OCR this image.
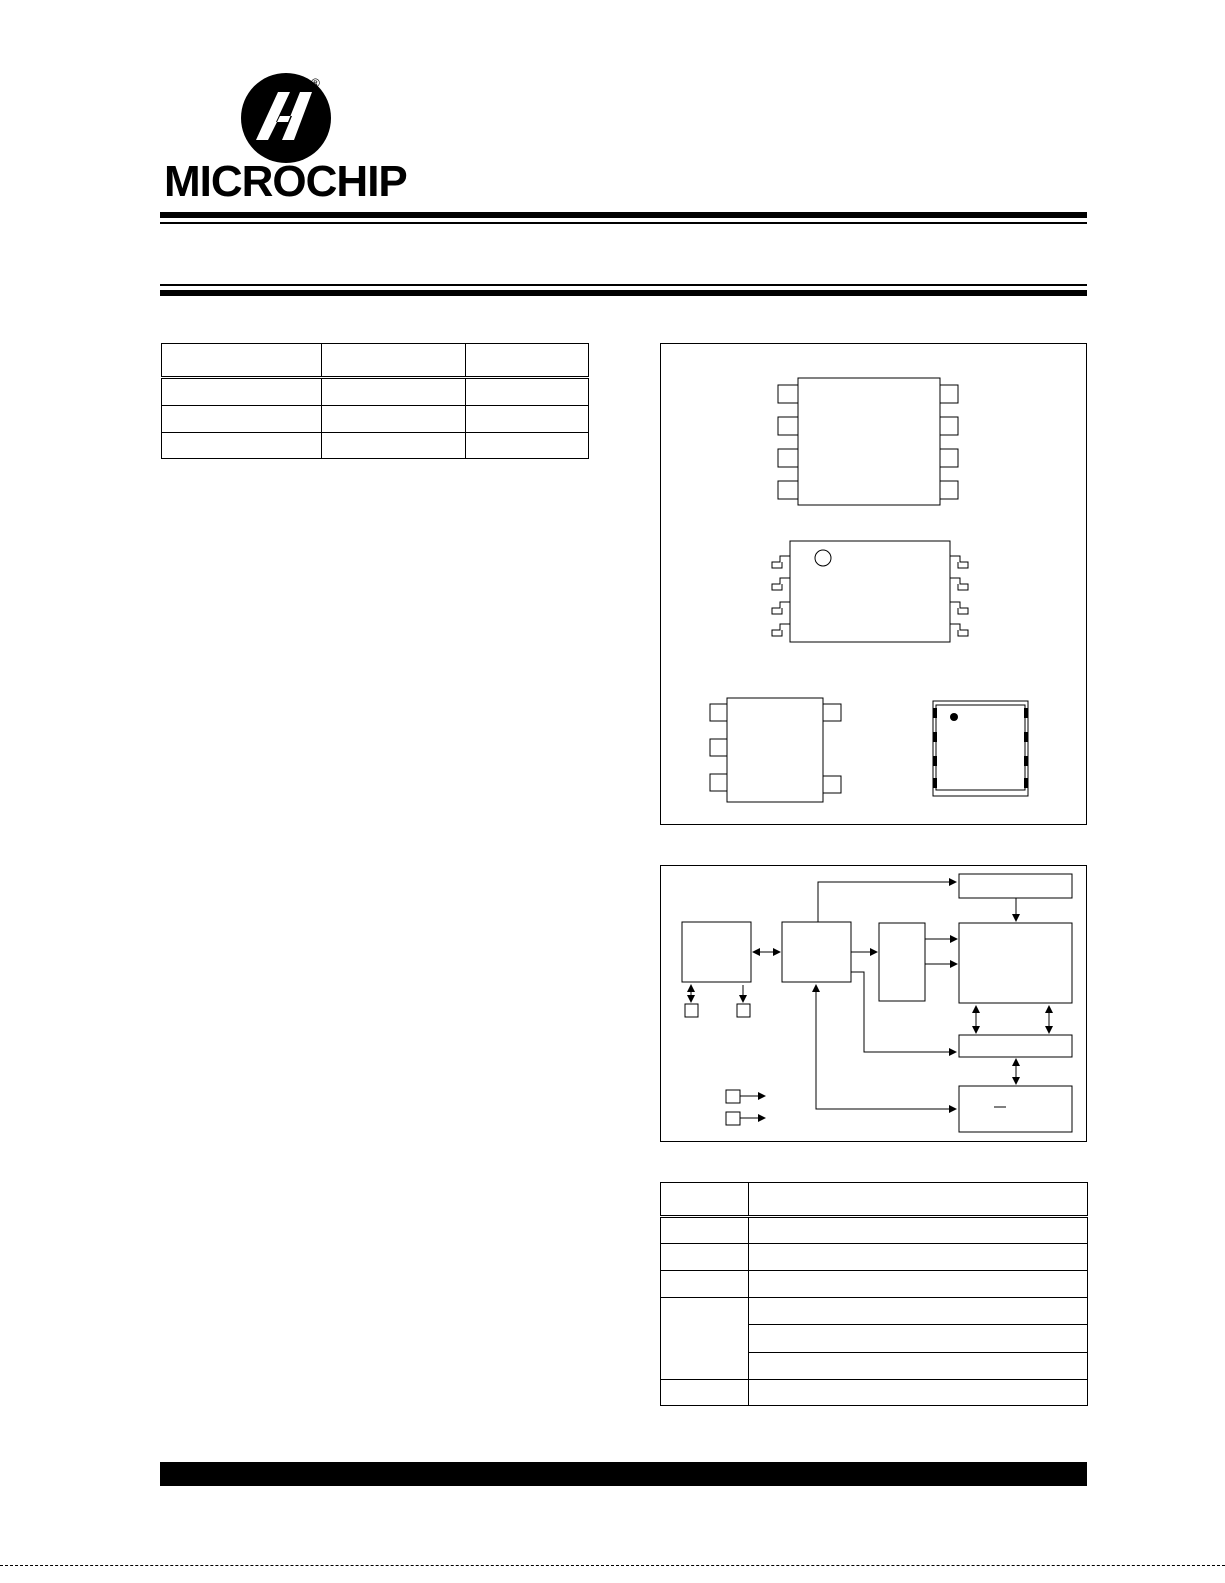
®
MICROCHIP
